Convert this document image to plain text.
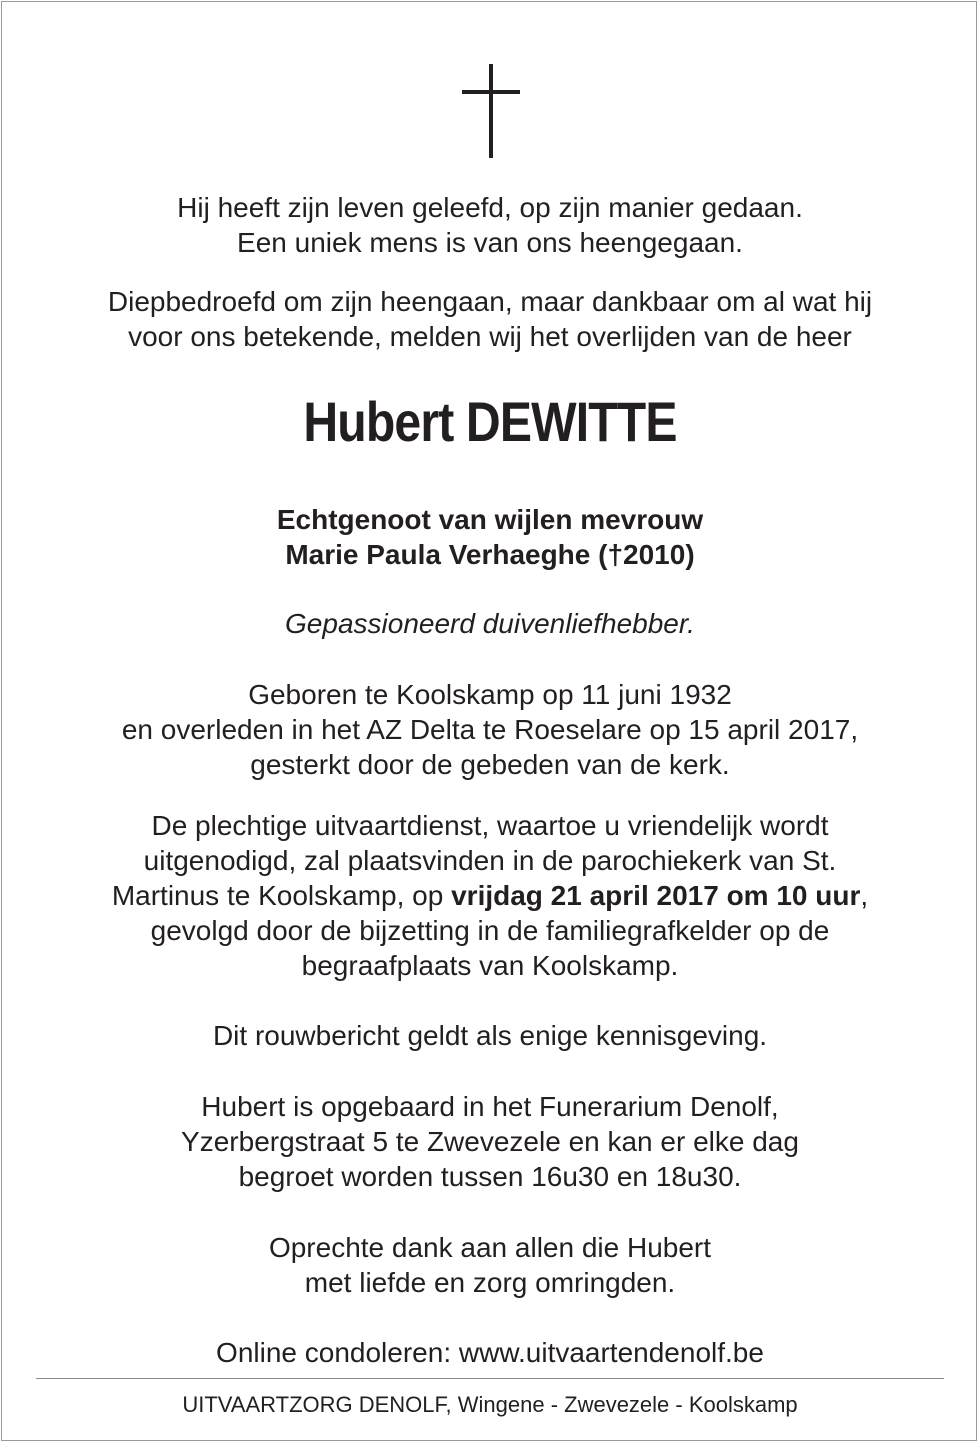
Hij heeft zijn leven geleefd, op zijn manier gedaan.
Een uniek mens is van ons heengegaan.
Diepbedroefd om zijn heengaan, maar dankbaar om al wat hij
voor ons betekende, melden wij het overlijden van de heer
Hubert DEWITTE
Echtgenoot van wijlen mevrouw
Marie Paula Verhaeghe (†2010)
Gepassioneerd duivenliefhebber.
Geboren te Koolskamp op 11 juni 1932
en overleden in het AZ Delta te Roeselare op 15 april 2017,
gesterkt door de gebeden van de kerk.
De plechtige uitvaartdienst, waartoe u vriendelijk wordt
uitgenodigd, zal plaatsvinden in de parochiekerk van St.
Martinus te Koolskamp, op vrijdag 21 april 2017 om 10 uur,
gevolgd door de bijzetting in de familiegrafkelder op de
begraafplaats van Koolskamp.
Dit rouwbericht geldt als enige kennisgeving.
Hubert is opgebaard in het Funerarium Denolf,
Yzerbergstraat 5 te Zwevezele en kan er elke dag
begroet worden tussen 16u30 en 18u30.
Oprechte dank aan allen die Hubert
met liefde en zorg omringden.
Online condoleren: www.uitvaartendenolf.be
UITVAARTZORG DENOLF, Wingene - Zwevezele - Koolskamp
